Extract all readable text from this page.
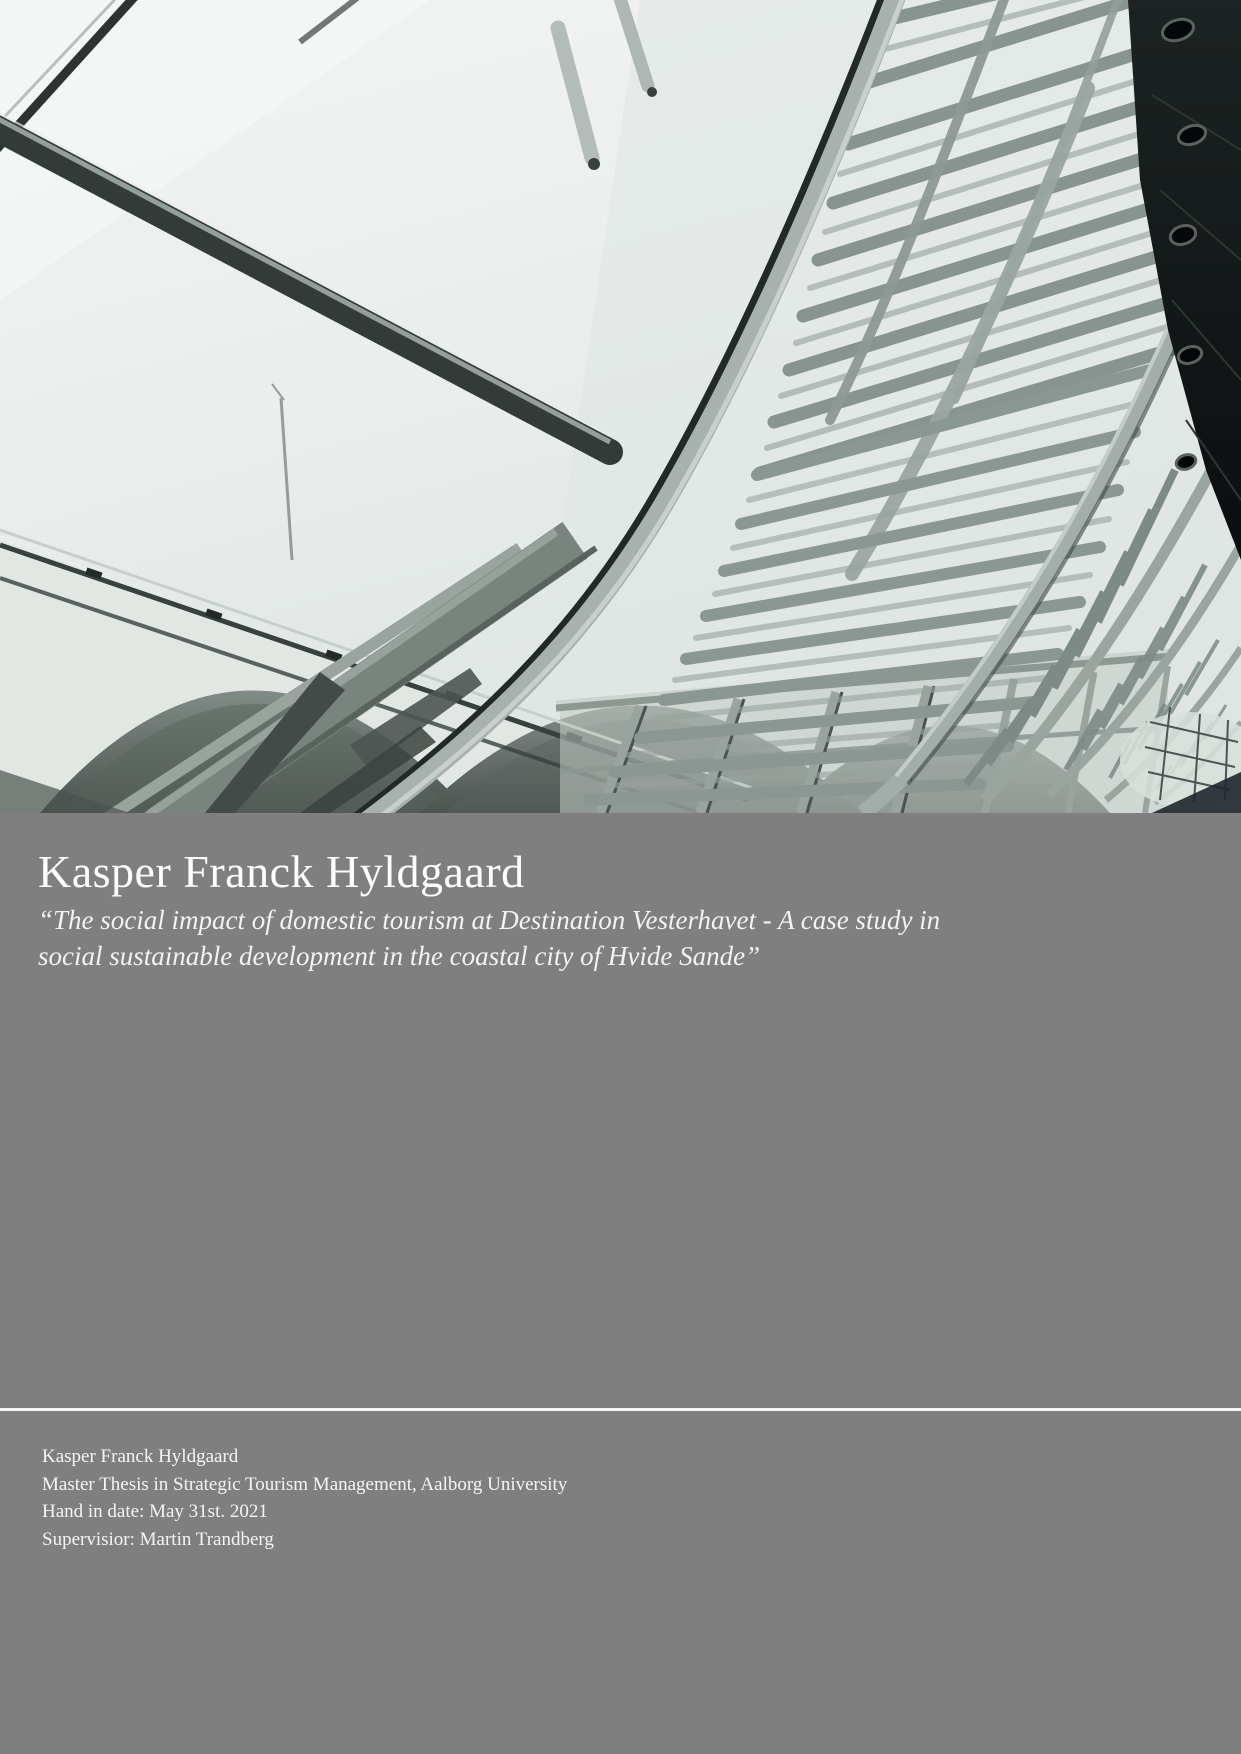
Kasper Franck Hyldgaard

“The social impact of domestic tourism at Destination Vesterhavet - A case study in
social sustainable development in the coastal city of Hvide Sande”

Kasper Franck Hyldgaard
Master Thesis in Strategic Tourism Management, Aalborg University
Hand in date: May 31st. 2021
Supervisior: Martin Trandberg
